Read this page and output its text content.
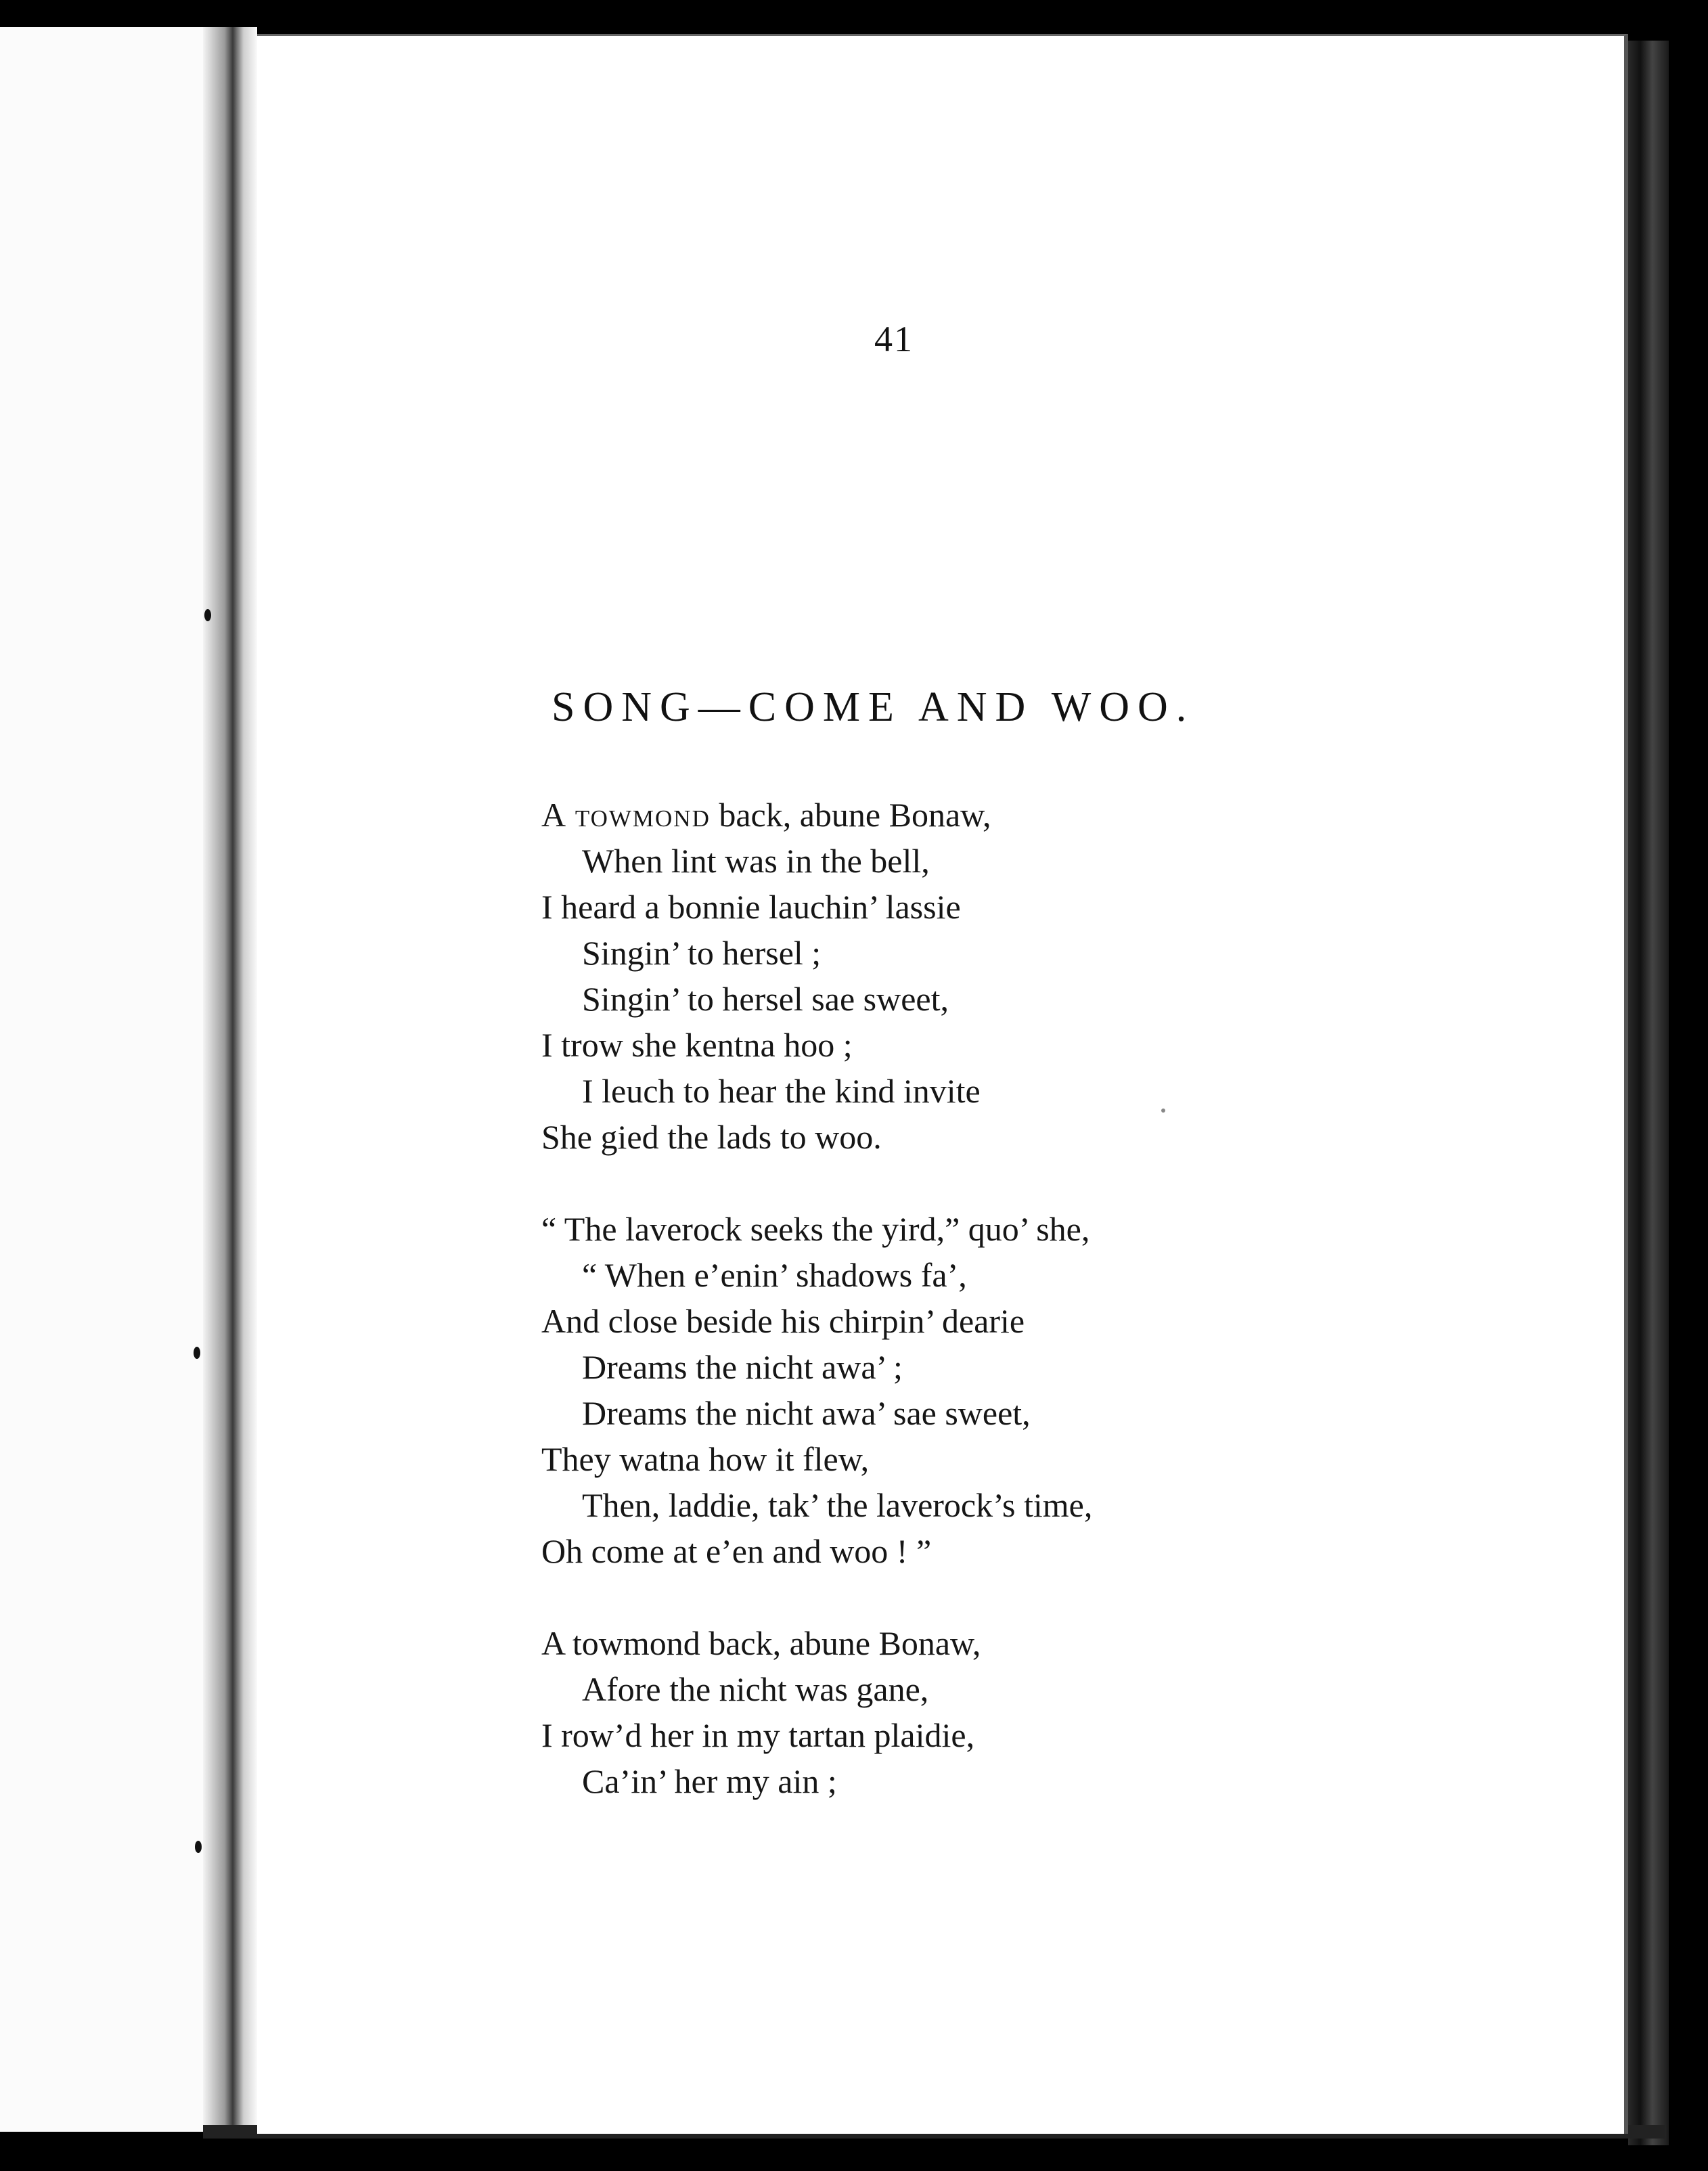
41
SONG—COME AND WOO.
A towmond back, abune Bonaw,
When lint was in the bell,
I heard a bonnie lauchin’ lassie
Singin’ to hersel ;
Singin’ to hersel sae sweet,
I trow she kentna hoo ;
I leuch to hear the kind invite
She gied the lads to woo.
“ The laverock seeks the yird,” quo’ she,
“ When e’enin’ shadows fa’,
And close beside his chirpin’ dearie
Dreams the nicht awa’ ;
Dreams the nicht awa’ sae sweet,
They watna how it flew,
Then, laddie, tak’ the laverock’s time,
Oh come at e’en and woo ! ”
A towmond back, abune Bonaw,
Afore the nicht was gane,
I row’d her in my tartan plaidie,
Ca’in’ her my ain ;
